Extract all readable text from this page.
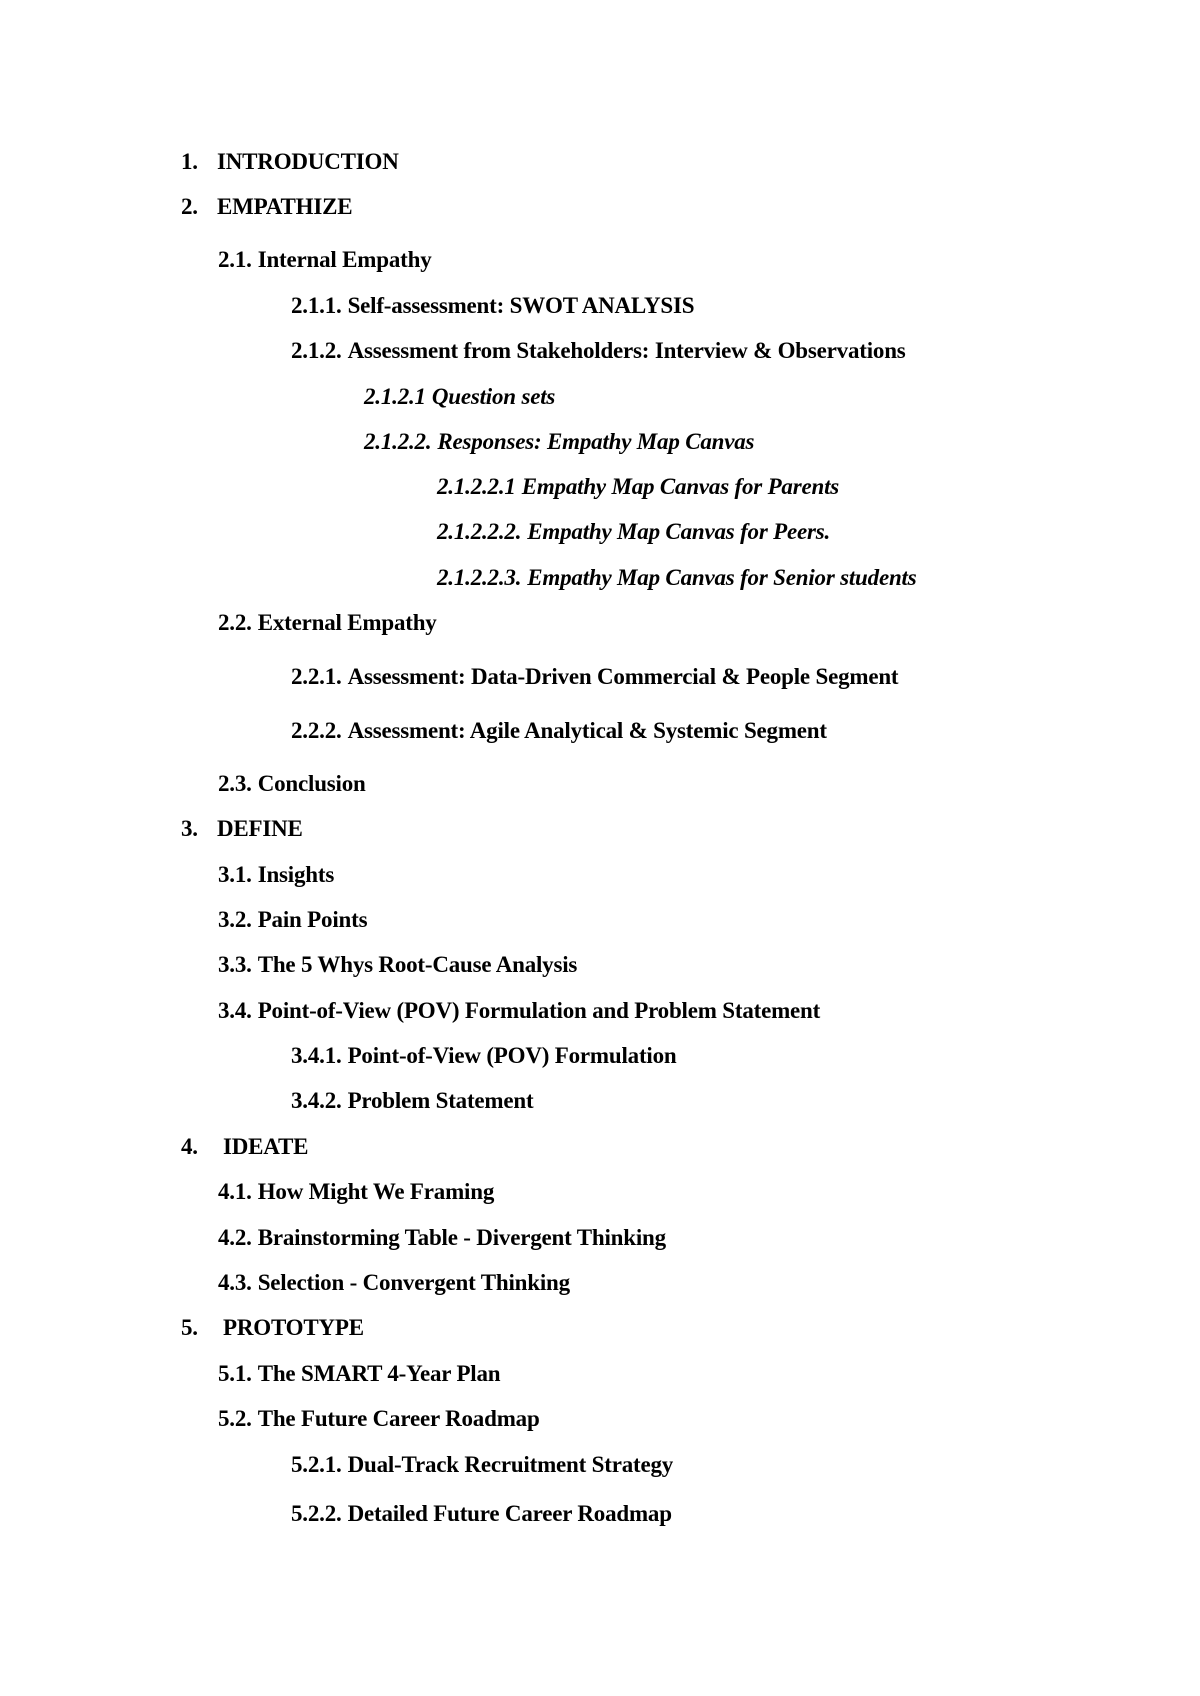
1. INTRODUCTION
2. EMPATHIZE
2.1. Internal Empathy
2.1.1. Self-assessment: SWOT ANALYSIS
2.1.2. Assessment from Stakeholders: Interview & Observations
2.1.2.1 Question sets
2.1.2.2. Responses: Empathy Map Canvas
2.1.2.2.1 Empathy Map Canvas for Parents
2.1.2.2.2. Empathy Map Canvas for Peers.
2.1.2.2.3. Empathy Map Canvas for Senior students
2.2. External Empathy
2.2.1. Assessment: Data-Driven Commercial & People Segment
2.2.2. Assessment: Agile Analytical & Systemic Segment
2.3. Conclusion
3. DEFINE
3.1. Insights
3.2. Pain Points
3.3. The 5 Whys Root-Cause Analysis
3.4. Point-of-View (POV) Formulation and Problem Statement
3.4.1. Point-of-View (POV) Formulation
3.4.2. Problem Statement
4. IDEATE
4.1. How Might We Framing
4.2. Brainstorming Table - Divergent Thinking
4.3. Selection - Convergent Thinking
5. PROTOTYPE
5.1. The SMART 4-Year Plan
5.2. The Future Career Roadmap
5.2.1. Dual-Track Recruitment Strategy
5.2.2. Detailed Future Career Roadmap
